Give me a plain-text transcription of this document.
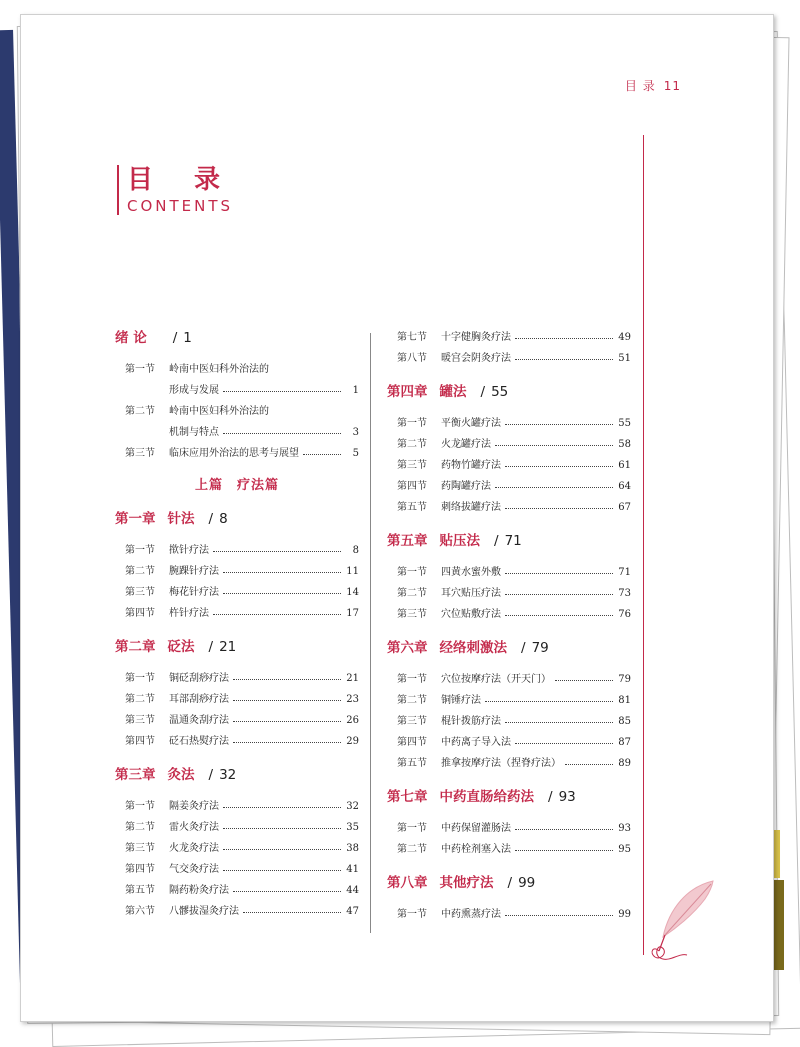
目 录 11
目 录
CONTENTS
绪 论 / 1
第一节	岭南中医妇科外治法的
形成与发展	1
第二节	岭南中医妇科外治法的
机制与特点	3
第三节	临床应用外治法的思考与展望	5
上篇　疗法篇
第一章 针法 / 8
第一节	揿针疗法	8
第二节	腕踝针疗法	11
第三节	梅花针疗法	14
第四节	杵针疗法	17
第二章 砭法 / 21
第一节	铜砭刮痧疗法	21
第二节	耳部刮痧疗法	23
第三节	温通灸刮疗法	26
第四节	砭石热熨疗法	29
第三章 灸法 / 32
第一节	隔姜灸疗法	32
第二节	雷火灸疗法	35
第三节	火龙灸疗法	38
第四节	气交灸疗法	41
第五节	隔药粉灸疗法	44
第六节	八髎拔湿灸疗法	47
第七节	十字健胸灸疗法	49
第八节	暖宫会阴灸疗法	51
第四章 罐法 / 55
第一节	平衡火罐疗法	55
第二节	火龙罐疗法	58
第三节	药物竹罐疗法	61
第四节	药陶罐疗法	64
第五节	刺络拔罐疗法	67
第五章 贴压法 / 71
第一节	四黄水蜜外敷	71
第二节	耳穴贴压疗法	73
第三节	穴位贴敷疗法	76
第六章 经络刺激法 / 79
第一节	穴位按摩疗法（开天门）	79
第二节	铜锤疗法	81
第三节	棍针拨筋疗法	85
第四节	中药离子导入法	87
第五节	推拿按摩疗法（捏脊疗法）	89
第七章 中药直肠给药法 / 93
第一节	中药保留灌肠法	93
第二节	中药栓剂塞入法	95
第八章 其他疗法 / 99
第一节	中药熏蒸疗法	99
